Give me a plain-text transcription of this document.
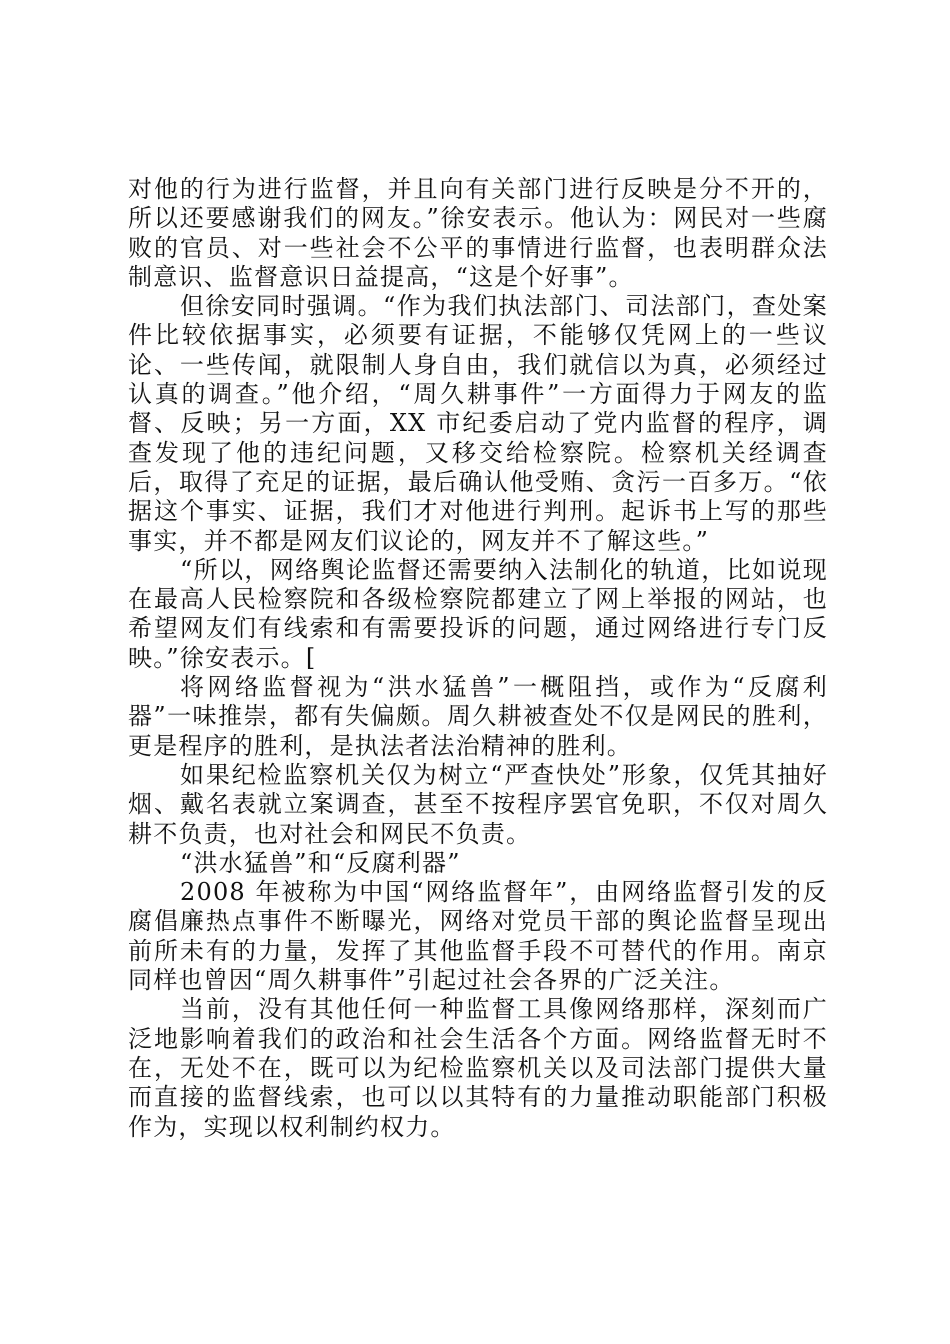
对他的行为进行监督，并且向有关部门进行反映是分不开的，所以还要感谢我们的网友。”徐安表示。他认为：网民对一些腐败的官员、对一些社会不公平的事情进行监督，也表明群众法制意识、监督意识日益提高，“这是个好事”。

但徐安同时强调。“作为我们执法部门、司法部门，查处案件比较依据事实，必须要有证据，不能够仅凭网上的一些议论、一些传闻，就限制人身自由，我们就信以为真，必须经过认真的调查。”他介绍，“周久耕事件”一方面得力于网友的监督、反映；另一方面，XX 市纪委启动了党内监督的程序，调查发现了他的违纪问题，又移交给检察院。检察机关经调查后，取得了充足的证据，最后确认他受贿、贪污一百多万。“依据这个事实、证据，我们才对他进行判刑。起诉书上写的那些事实，并不都是网友们议论的，网友并不了解这些。”

“所以，网络舆论监督还需要纳入法制化的轨道，比如说现在最高人民检察院和各级检察院都建立了网上举报的网站，也希望网友们有线索和有需要投诉的问题，通过网络进行专门反映。”徐安表示。[

将网络监督视为“洪水猛兽”一概阻挡，或作为“反腐利器”一味推崇，都有失偏颇。周久耕被查处不仅是网民的胜利，更是程序的胜利，是执法者法治精神的胜利。

如果纪检监察机关仅为树立“严查快处”形象，仅凭其抽好烟、戴名表就立案调查，甚至不按程序罢官免职，不仅对周久耕不负责，也对社会和网民不负责。

“洪水猛兽”和“反腐利器”

2008 年被称为中国“网络监督年”，由网络监督引发的反腐倡廉热点事件不断曝光，网络对党员干部的舆论监督呈现出前所未有的力量，发挥了其他监督手段不可替代的作用。南京同样也曾因“周久耕事件”引起过社会各界的广泛关注。

当前，没有其他任何一种监督工具像网络那样，深刻而广泛地影响着我们的政治和社会生活各个方面。网络监督无时不在，无处不在，既可以为纪检监察机关以及司法部门提供大量而直接的监督线索，也可以以其特有的力量推动职能部门积极作为，实现以权利制约权力。
